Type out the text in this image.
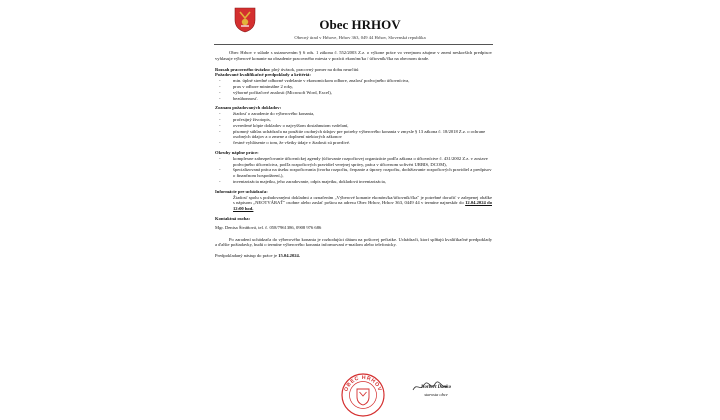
Obec HRHOV
Obecný úrad v Hrhove, Hrhov 363, 049 44 Hrhov, Slovenská republika

Obec Hrhov v súlade s ustanovením § 6 ods. 1 zákona č. 552/2003 Z.z. o výkone práce vo verejnom záujme v znení neskorších predpisov vyhlasuje výberové konanie na obsadenie pracovného miesta v pozícii ekonóm/ka / účtovník/čka na obecnom úrade.

Rozsah pracovného úväzku: plný úväzok, pracovný pomer na dobu neurčitú

Požadované kvalifikačné predpoklady a kritériá:

- min. úplné stredné odborné vzdelanie v ekonomickom odbore, znalosť podvojného účtovníctva,
- prax v odbore minimálne 2 roky,
- výborné počítačové znalosti (Microsoft Word, Excel),
- bezúhonnosť.

Zoznam požadovaných dokladov:

- žiadosť o zaradenie do výberového konania,
- profesijný životopis,
- overedené kópie dokladov o najvyššom dosiahnutom vzdelaní,
- písomný súhlas uchádzača na použitie osobných údajov pre potreby výberového konania v zmysle § 13 zákona č. 18/2018 Z.z. o ochrane osobných údajov a o zmene a doplnení niektorých zákonov
- čestné vyhlásenie o tom, že všetky údaje v žiadosti sú pravdivé.

Okruhy náplne práce:

- komplexne zabezpečovanie účtovníckej agendy (účtovanie rozpočtovej organizácie podľa zákona o účtovníctve č. 431/2002 Z.z. v zostave podvojného účtovníctva, podľa rozpočtových pravidiel verejnej správy, práca v účtovnom softvéri URBIS, DCOM),
- špecializovaná práca na úseku rozpočtovania (tvorba rozpočtu, čerpanie a úpravy rozpočtu, dodržiavanie rozpočtových pravidiel a predpisov o finančnom hospodárení,),
- inventarizácia majetku, jeho zaradovanie, odpis majetku, dokladová inventarizácia,

Informácie pre uchádzača:

Žiadosť spolu s požadovanými dokladmi a označením „Výberové konanie ekonóm/ka/účtovník/čka" je potrebné doručiť v zalepenej obálke s nápisom „NEOTVÁRAŤ" osobne alebo zaslať poštou na adresu Obec Hrhov, Hrhov 363, 0449 44 v termíne najneskôr do 12.04.2024 do 12:00 hod.

Kontaktná osoba:

Mgr. Denisa Šiváňová, tel. č. 058/7961386, 0908 976 686

Po zaradení uchádzača do výberového konania je rozhodujúci dátum na poštovej pečiatke. Uchádzači, ktorí splňajú kvalifikačné predpoklady a ďalšie požiadavky, budú o termíne výberového konania informovaní e-mailom alebo telefonicky.

Predpokladaný nástup do práce je 15.04.2024.

OBEC HRHOV	Norbert Danko
starosta obce
